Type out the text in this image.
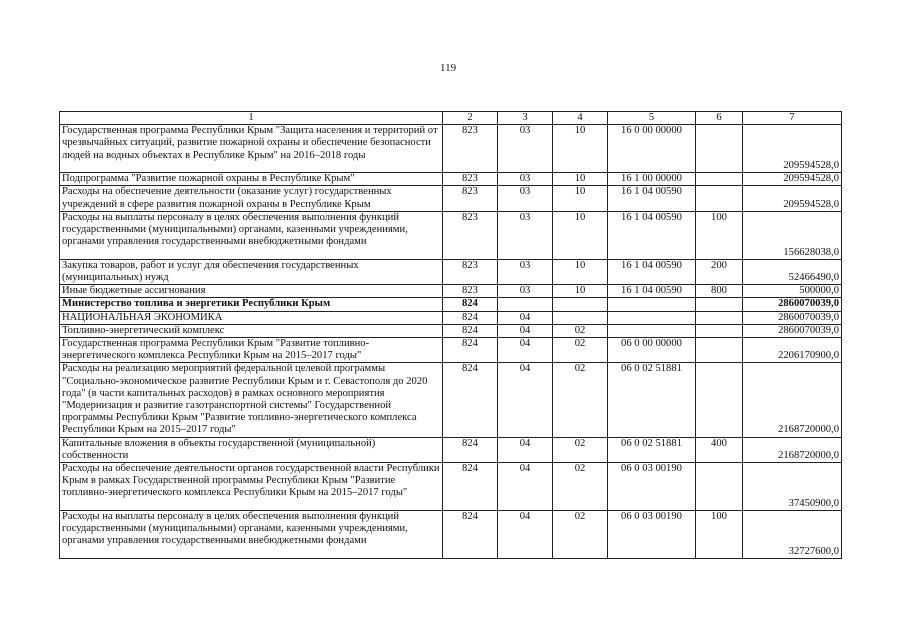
119
1	2	3	4	5	6	7
Государственная программа Республики Крым "Защита населения и территорий от чрезвычайных ситуаций, развитие пожарной охраны и обеспечение безопасности людей на водных объектах в Республике Крым" на 2016–2018 годы	823	03	10	16 0 00 00000		209594528,0
Подпрограмма "Развитие пожарной охраны в Республике Крым"	823	03	10	16 1 00 00000		209594528,0
Расходы на обеспечение деятельности (оказание услуг) государственных учреждений в сфере развития пожарной охраны в Республике Крым	823	03	10	16 1 04 00590		209594528,0
Расходы на выплаты персоналу в целях обеспечения выполнения функций государственными (муниципальными) органами, казенными учреждениями, органами управления государственными внебюджетными фондами	823	03	10	16 1 04 00590	100	156628038,0
Закупка товаров, работ и услуг для обеспечения государственных (муниципальных) нужд	823	03	10	16 1 04 00590	200	52466490,0
Иные бюджетные ассигнования	823	03	10	16 1 04 00590	800	500000,0
Министерство топлива и энергетики Республики Крым	824					2860070039,0
НАЦИОНАЛЬНАЯ ЭКОНОМИКА	824	04				2860070039,0
Топливно-энергетический комплекс	824	04	02			2860070039,0
Государственная программа Республики Крым "Развитие топливно-энергетического комплекса Республики Крым на 2015–2017 годы"	824	04	02	06 0 00 00000		2206170900,0
Расходы на реализацию мероприятий федеральной целевой программы "Социально-экономическое развитие Республики Крым и г. Севастополя до 2020 года" (в части капитальных расходов) в рамках основного мероприятия "Модернизация и развитие газотранспортной системы" Государственной программы Республики Крым "Развитие топливно-энергетического комплекса Республики Крым на 2015–2017 годы"	824	04	02	06 0 02 51881		2168720000,0
Капитальные вложения в объекты государственной (муниципальной) собственности	824	04	02	06 0 02 51881	400	2168720000,0
Расходы на обеспечение деятельности органов государственной власти Республики Крым в рамках Государственной программы Республики Крым "Развитие топливно-энергетического комплекса Республики Крым на 2015–2017 годы"	824	04	02	06 0 03 00190		37450900,0
Расходы на выплаты персоналу в целях обеспечения выполнения функций государственными (муниципальными) органами, казенными учреждениями, органами управления государственными внебюджетными фондами	824	04	02	06 0 03 00190	100	32727600,0
